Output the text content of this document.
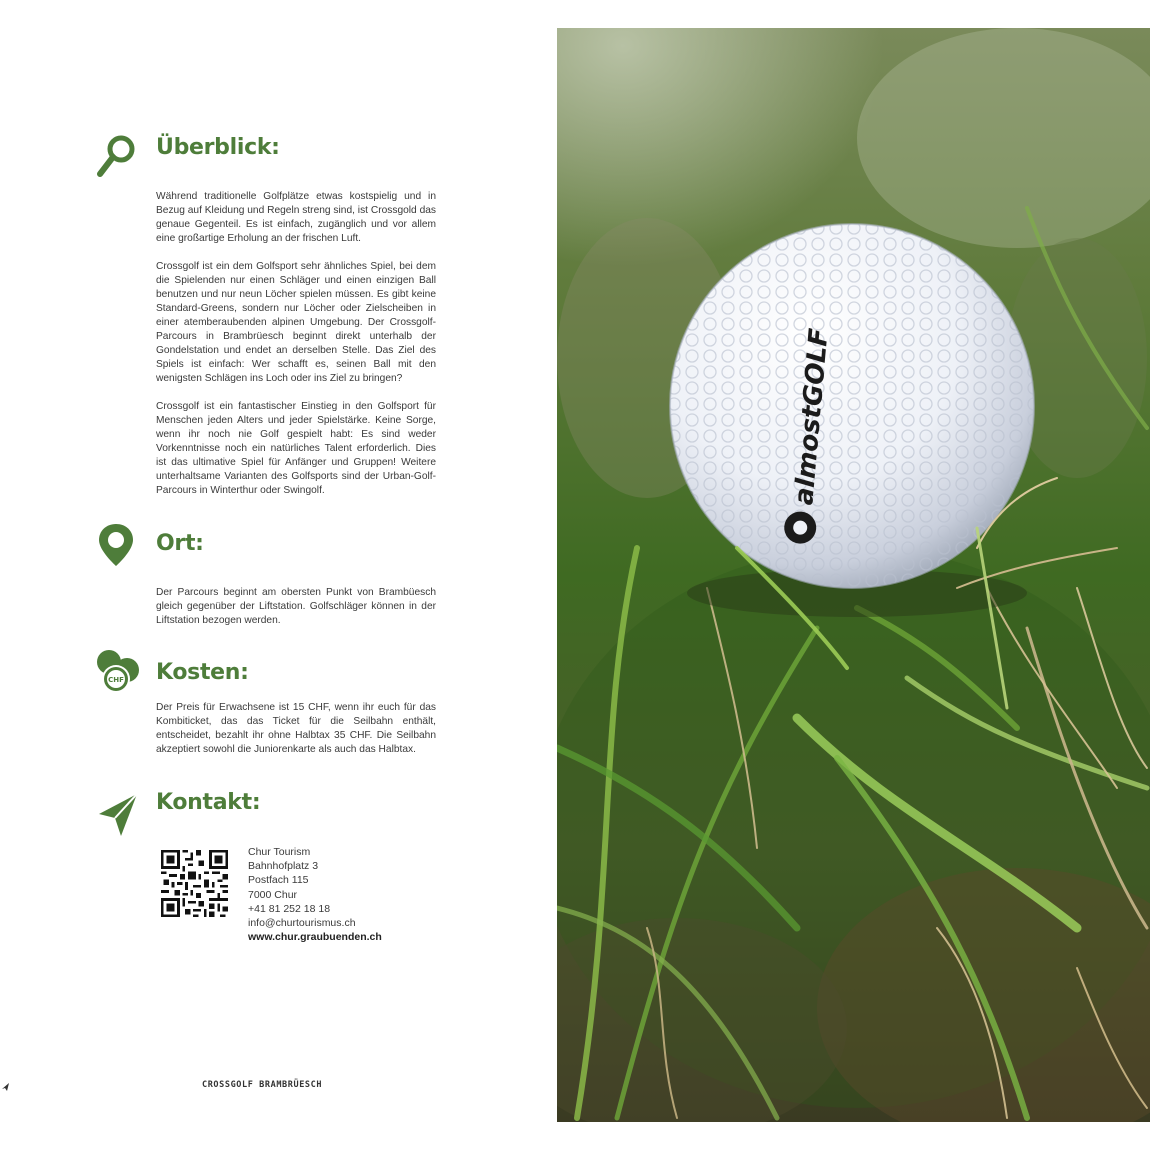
Überblick:

Während traditionelle Golfplätze etwas kostspielig und in Bezug auf Kleidung und Regeln streng sind, ist Crossgold das genaue Gegenteil. Es ist einfach, zugänglich und vor allem eine großartige Erholung an der frischen Luft.

Crossgolf ist ein dem Golfsport sehr ähnliches Spiel, bei dem die Spielenden nur einen Schläger und einen einzigen Ball benutzen und nur neun Löcher spielen müssen. Es gibt keine Standard-Greens, sondern nur Löcher oder Zielscheiben in einer atemberaubenden alpinen Umgebung. Der Crossgolf-Parcours in Brambrüesch beginnt direkt unterhalb der Gondelstation und endet an derselben Stelle. Das Ziel des Spiels ist einfach: Wer schafft es, seinen Ball mit den wenigsten Schlägen ins Loch oder ins Ziel zu bringen?

Crossgolf ist ein fantastischer Einstieg in den Golfsport für Menschen jeden Alters und jeder Spielstärke. Keine Sorge, wenn ihr noch nie Golf gespielt habt: Es sind weder Vorkenntnisse noch ein natürliches Talent erforderlich. Dies ist das ultimative Spiel für Anfänger und Gruppen! Weitere unterhaltsame Varianten des Golfsports sind der Urban-Golf-Parcours in Winterthur oder Swingolf.

Ort:

Der Parcours beginnt am obersten Punkt von Brambüesch gleich gegenüber der Liftstation. Golfschläger können in der Liftstation bezogen werden.

CHF Kosten:

Der Preis für Erwachsene ist 15 CHF, wenn ihr euch für das Kombiticket, das das Ticket für die Seilbahn enthält, entscheidet, bezahlt ihr ohne Halbtax 35 CHF. Die Seilbahn akzeptiert sowohl die Juniorenkarte als auch das Halbtax.

Kontakt:
Chur Tourism
Bahnhofplatz 3
Postfach 115
7000 Chur
+41 81 252 18 18
info@churtourismus.ch
www.chur.graubuenden.ch
CROSSGOLF BRAMBRÜESCH
almostGOLF
